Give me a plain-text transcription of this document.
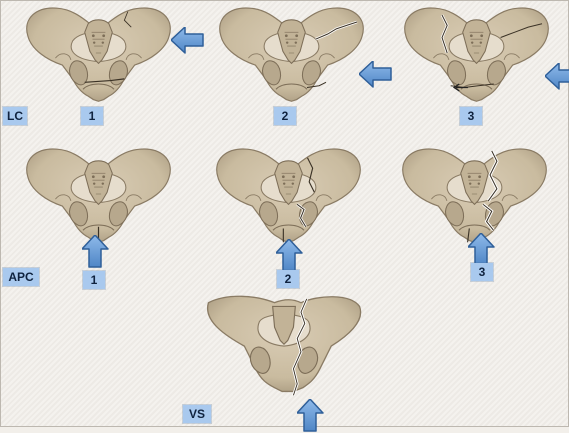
1	2	3
LC
1	2	3
APC
VS
